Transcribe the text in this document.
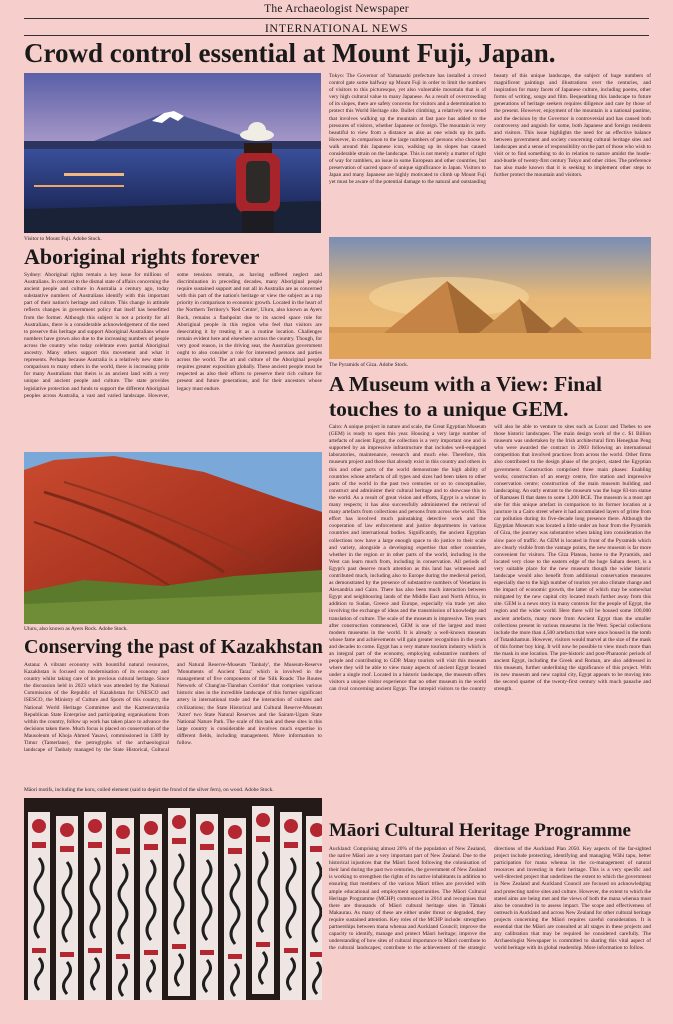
The Archaeologist Newspaper
INTERNATIONAL NEWS
Crowd control essential at Mount Fuji, Japan.
Visitor to Mount Fuji. Adobe Stock.
Tokyo: The Governor of Yamanashi prefecture has installed a crowd control gate some halfway up Mount Fuji in order to limit the numbers of visitors to this picturesque, yet also vulnerable mountain that is of very high cultural value to many Japanese. As a result of overcrowding of its slopes, there are safety concerns for visitors and a determination to protect this World Heritage site. Bullet climbing, a relatively new trend that involves walking up the mountain at fast pace has added to the pressures of visitors, whether Japanese or foreign. The mountain is very beautiful to view from a distance as also as one winds up its path. However, in comparison to the large numbers of persons who choose to walk around this Japanese icon, walking up its slopes has caused considerable strain on the landscape. This is not merely a matter of right of way for ramblers, an issue in some European and other countries, but preservation of sacred space of unique significance in Japan. Visitors to Japan and many Japanese are highly motivated to climb up Mount Fuji yet must be aware of the potential damage to the natural and outstanding beauty of this unique landscape, the subject of huge numbers of magnificent paintings and illustrations over the centuries, and inspiration for many facets of Japanese culture, including poems, other forms of writing, songs and film. Bequeathing this landscape to future generations of heritage seekers requires diligence and care by those of the present. However, enjoyment of the mountain is a national pastime, and the decision by the Governor is controversial and has caused both controversy and anguish for some, both Japanese and foreign residents and visitors. This issue highlights the need for an effective balance between government and society concerning cultural heritage sites and landscapes and a sense of responsibility on the part of those who wish to visit or to find something to do in relation to nature amidst the hustle-and-bustle of twenty-first century Tokyo and other cities. The preference has also made known that it is seeking to implement other steps to further protect the mountain and visitors.
Aboriginal rights forever
Sydney: Aboriginal rights remain a key issue for millions of Australians. In contrast to the dismal state of affairs concerning the ancient people and culture in Australia a century ago, today substantive numbers of Australians identify with this important part of their nation's heritage and culture. This change in attitude reflects changes in government policy that itself has benefitted from the former. Although this subject is not a priority for all Australians, there is a considerable acknowledgement of the need to preserve this heritage and support Aboriginal Australians whose numbers have grown also due to the increasing numbers of people across the country who today celebrate even partial Aboriginal ancestry. Many others support this movement and what it represents. Perhaps because Australia is a relatively new state in comparison to many others in the world, there is increasing pride for many Australians that theirs is an ancient land with a very unique and ancient people and culture. The state provides legislative protection and funds to support the different Aboriginal peoples across Australia, a vast and varied landscape. However, some tensions remain, as having suffered neglect and discrimination in preceding decades, many Aboriginal people require sustained support and not all in Australia are as concerned with this part of the nation's heritage or view the subject as a top priority in comparison to economic growth. Located in the heart of the Northern Territory's 'Red Centre', Uluru, also known as Ayers Rock, remains a flashpoint due to its sacred space role for Aboriginal people in this region who feel that visitors are desecrating it by treating it as a routine location. Challenges remain evident here and elsewhere across the country. Though, for very good reason, in the driving seat, the Australian government ought to also consider a role for interested persons and parties across the world. The art and culture of the Aboriginal people requires greater exposition globally. These ancient people must be respected as also their efforts to preserve their rich culture for present and future generations, and for their ancestors whose legacy must endure.
Uluru, also known as Ayers Rock. Adobe Stock.
The Pyramids of Giza. Adobe Stock.
A Museum with a View: Final touches to a unique GEM.
Cairo: A unique project in nature and scale, the Great Egyptian Museum (GEM) is ready to open this year. Housing a very large number of artefacts of ancient Egypt, the collection is a very important one and is supported by an impressive infrastructure that includes well-equipped laboratories, maintenance, research and much else. Therefore, this museum project and those that already exist in this country and others in this and other parts of the world demonstrate the high ability of countries whose artefacts of all types and sizes had been taken to other parts of the world in the past two centuries or so to conceptualise, construct and administer their cultural heritage and to showcase this to the world. As a result of great vision and efforts, Egypt is a winner in many respects; it has also successfully administered the retrieval of many artefacts from collections and persons from across the world. This effort has involved much painstaking detective work and the cooperation of law enforcement and justice departments in various countries and international bodies. Significantly, the ancient Egyptian collections now have a large enough space to do justice to their scale and variety, alongside a developing expertise that other countries, whether in the region or in other parts of the world, including in the West can learn much from, including in conservation. All periods of Egypt's past deserve much attention as this land has witnessed and contributed much, including also to Europe during the medieval period, as demonstrated by the presence of substantive numbers of Venetians in Alexandria and Cairo. There has also been much interaction between Egypt and neighbouring lands of the Middle East and North Africa, in addition to Sudan, Greece and Europe, especially via trade yet also involving the exchange of ideas and the transmission of knowledge and translation of culture. The scale of the museum is impressive. Ten years after construction commenced, GEM is one of the largest and most modern museums in the world. It is already a well-known museum whose fame and achievements will gain greater recognition in the years and decades to come. Egypt has a very mature tourism industry which is an integral part of the economy, employing substantive numbers of people and contributing to GDP. Many tourists will visit this museum where they will be able to view many aspects of ancient Egypt located under a single roof. Located in a historic landscape, the museum offers visitors a unique visitor experience that no other museum in the world can rival concerning ancient Egypt. The intrepid visitors to the country will also be able to venture to sites such as Luxor and Thebes to see those historic landscapes. The main design work of the c. $1 Billion museum was undertaken by the Irish architectural firm Heneghan Peng who were awarded the contract in 2003 following an international competition that involved practices from across the world. Other firms also contributed to the design phase of the project, stated the Egyptian government. Construction comprised three main phases: Enabling works; construction of an energy centre, fire station and impressive conservation centre; construction of the main museum building and landscaping. An early entrant to the museum was the huge 83-ton statue of Ramases II that dates to some 1,200 BCE. The museum is a most apt site for this unique artefact in comparison to its former location at a juncture in a Cairo street where it had accumulated layers of grime from car pollution during its five-decade long presence there. Although the Egyptian Museum was located a little under an hour from the Pyramids of Giza, the journey was substantive when taking into consideration the slow pace of traffic. As GEM is located in front of the Pyramids which are clearly visible from the vantage points, the new museum is far more convenient for visitors. The Giza Plateau, home to the Pyramids, and located very close to the eastern edge of the huge Sahara desert, is a very suitable place for the new museum though the wider historic landscape would also benefit from additional conservation measures especially due to the high number of tourists yet also climate change and the impact of economic growth, the latter of which may be somewhat mitigated by the new capital city located much further away from this site. GEM is a news story in many contexts for the people of Egypt, the region and the wider world. Here there will be housed some 100,000 ancient artefacts, many more from Ancient Egypt than the smaller collections present in various museums in the West. Special collections include the more than 4,500 artefacts that were once housed in the tomb of Tutankhamun. However, visitors would marvel at the size of the mask of this former boy king. It will now be possible to view much more than the mask in one location. The pre-historic and post-Pharaonic periods of ancient Egypt, including the Greek and Roman, are also addressed in this museum, further underlining the significance of this project. With its new museum and new capital city, Egypt appears to be moving into the second quarter of the twenty-first century with much panache and strength.
Conserving the past of Kazakhstan
Astana: A vibrant economy with bountiful natural resources, Kazakhstan is focused on modernisation of its economy and country whilst taking care of its precious cultural heritage. Since the discussion held in 2023 which was attended by the National Commission of the Republic of Kazakhstan for UNESCO and ISESCO, the Ministry of Culture and Sports of this country, the National World Heritage Committee and the Kaztestavratsiia Republican State Enterprise and participating organisations from within the country, follow up work has taken place to advance the decisions taken there. Much focus is placed on conservation of the Mausoleum of Khoja Ahmed Yasawi, commissioned in 1389 by Timur (Tamerlane), the petroglyphs of the archaeological landscape of Tanbaly managed by the State Historical, Cultural and Natural Reserve-Museum 'Tanbaly', the Museum-Reserve 'Monuments of Ancient Taraz' which is involved in the management of five components of the 'Silk Roads: The Routes Network of Chang'an-Tianshan Corridor' that comprises various historic sites in the incredible landscape of this former significant artery in international trade and the interaction of cultures and civilizations; the State Historical and Cultural Reserve-Museum 'Azret' two State Natural Reserves and the Sairam-Ugam State National Nature Park. The scale of this task and these sites in this large country is considerable and involves much expertise in different fields, including management. More information to follow.
Māori motifs, including the koru, coiled element (said to depict the frond of the silver fern), on wood. Adobe Stock.
Māori Cultural Heritage Programme
Auckland: Comprising almost 20% of the population of New Zealand, the native Māori are a very important part of New Zealand. Due to the historical injustices that the Māori faced following the colonisation of their land during the past two centuries, the government of New Zealand is working to strengthen the rights of its native inhabitants in addition to ensuring that members of the various Māori tribes are provided with ample educational and employment opportunities. The Māori Cultural Heritage Programme (MCHP) commenced in 2014 and recognises that there are thousands of Māori cultural heritage sites in Tāmaki Makaurau. As many of these are either under threat or degraded, they require sustained attention. Key roles of the MCHP include: strengthen partnerships between mana whenua and Auckland Council; improve the capacity to identify, manage and protect Māori heritage; improve the understanding of how sites of cultural importance to Māori contribute to the cultural landscapes; contribute to the achievement of the strategic directions of the Auckland Plan 2050. Key aspects of the far-sighted project include protecting, identifying and managing Wāhi tapu, better participation for mana whenua in the co-management of natural resources and investing in their heritage. This is a very specific and well-directed project that underlines the extent to which the government in New Zealand and Auckland Council are focused on acknowledging and protecting native sites and culture. However, the extent to which the stated aims are being met and the views of both the mana whenua must also be consulted in to assess impact. The scope and effectiveness of outreach in Auckland and across New Zealand for other cultural heritage projects concerning the Māori requires careful consideration. It is essential that the Māori are consulted at all stages in these projects and any calibration that may be required be considered carefully. The Archaeologist Newspaper is committed to sharing this vital aspect of world heritage with its global readership. More information to follow.
